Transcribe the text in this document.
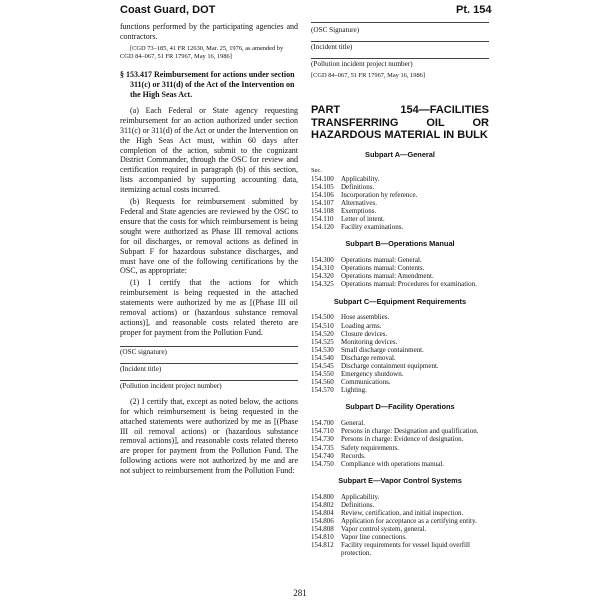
Coast Guard, DOT	Pt. 154

functions performed by the participating agencies and contractors.

[CGD 73–185, 41 FR 12630, Mar. 25, 1976, as amended by CGD 84–067, 51 FR 17967, May 16, 1986]

§ 153.417 Reimbursement for actions under section 311(c) or 311(d) of the Act of the Intervention on the High Seas Act.

(a) Each Federal or State agency requesting reimbursement for an action authorized under section 311(c) or 311(d) of the Act or under the Intervention on the High Seas Act must, within 60 days after completion of the action, submit to the cognizant District Commander, through the OSC for review and certification required in paragraph (b) of this section, lists accompanied by supporting accounting data, itemizing actual costs incurred.

(b) Requests for reimbursement submitted by Federal and State agencies are reviewed by the OSC to ensure that the costs for which reimbursement is being sought were authorized as Phase III removal actions for oil discharges, or removal actions as defined in Subpart F for hazardous substance discharges, and must have one of the following certifications by the OSC, as appropriate:

(1) I certify that the actions for which reimbursement is being requested in the attached statements were authorized by me as [(Phase III oil removal actions) or (hazardous substance removal actions)], and reasonable costs related thereto are proper for payment from the Pollution Fund.

(OSC signature)
(Incident title)
(Pollution incident project number)

(2) I certify that, except as noted below, the actions for which reimbursement is being requested in the attached statements were authorized by me as [(Phase III oil removal actions) or (hazardous substance removal actions)], and reasonable costs related thereto are proper for payment from the Pollution Fund. The following actions were not authorized by me and are not subject to reimbursement from the Pollution Fund:

(OSC Signature)
(Incident title)
(Pollution incident project number)

[CGD 84–067, 51 FR 17967, May 16, 1986]

PART 154—FACILITIES TRANSFERRING OIL OR HAZARDOUS MATERIAL IN BULK

Subpart A—General
Sec.
154.100	Applicability.
154.105	Definitions.
154.106	Incorporation by reference.
154.107	Alternatives.
154.108	Exemptions.
154.110	Letter of intent.
154.120	Facility examinations.
Subpart B—Operations Manual
154.300	Operations manual: General.
154.310	Operations manual: Contents.
154.320	Operations manual: Amendment.
154.325	Operations manual: Procedures for examination.
Subpart C—Equipment Requirements
154.500	Hose assemblies.
154.510	Loading arms.
154.520	Closure devices.
154.525	Monitoring devices.
154.530	Small discharge containment.
154.540	Discharge removal.
154.545	Discharge containment equipment.
154.550	Emergency shutdown.
154.560	Communications.
154.570	Lighting.
Subpart D—Facility Operations
154.700	General.
154.710	Persons in charge: Designation and qualification.
154.730	Persons in charge: Evidence of designation.
154.735	Safety requirements.
154.740	Records.
154.750	Compliance with operations manual.
Subpart E—Vapor Control Systems
154.800	Applicability.
154.802	Definitions.
154.804	Review, certification, and initial inspection.
154.806	Application for acceptance as a certifying entity.
154.808	Vapor control system, general.
154.810	Vapor line connections.
154.812	Facility requirements for vessel liquid overfill protection.
281
